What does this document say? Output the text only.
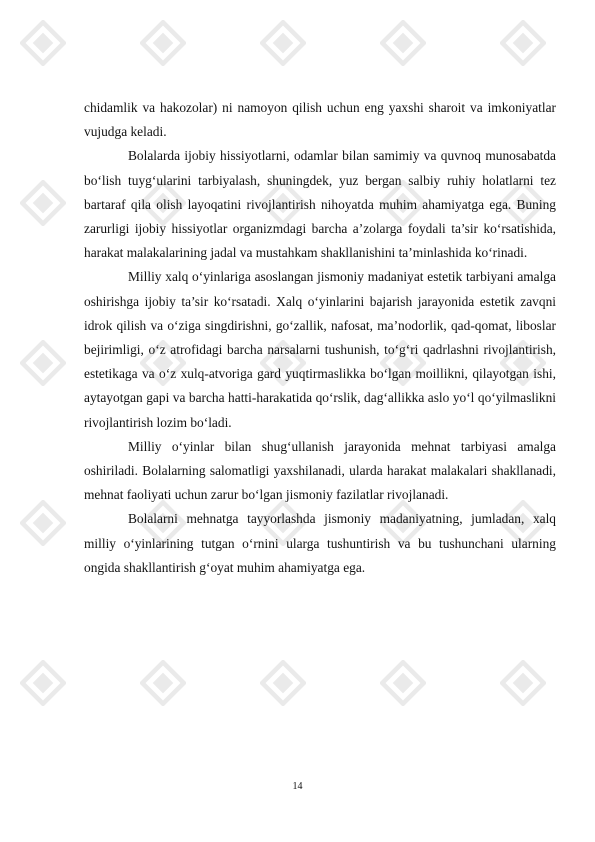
chidamlik va hakozolar) ni namoyon qilish uchun eng yaxshi sharoit va imkoniyatlar vujudga keladi.

Bolalarda ijobiy hissiyotlarni, odamlar bilan samimiy va quvnoq munosabatda bo‘lish tuyg‘ularini tarbiyalash, shuningdek, yuz bergan salbiy ruhiy holatlarni tez bartaraf qila olish layoqatini rivojlantirish nihoyatda muhim ahamiyatga ega. Buning zarurligi ijobiy hissiyotlar organizmdagi barcha a’zolarga foydali ta’sir ko‘rsatishida, harakat malakalarining jadal va mustahkam shakllanishini ta’minlashida ko‘rinadi.

Milliy xalq o‘yinlariga asoslangan jismoniy madaniyat estetik tarbiyani amalga oshirishga ijobiy ta’sir ko‘rsatadi. Xalq o‘yinlarini bajarish jarayonida estetik zavqni idrok qilish va o‘ziga singdirishni, go‘zallik, nafosat, ma’nodorlik, qad-qomat, liboslar bejirimligi, o‘z atrofidagi barcha narsalarni tushunish, to‘g‘ri qadrlashni rivojlantirish, estetikaga va o‘z xulq-atvoriga gard yuqtirmaslikka bo‘lgan moillikni, qilayotgan ishi, aytayotgan gapi va barcha hatti-harakatida qo‘rslik, dag‘allikka aslo yo‘l qo‘yilmaslikni rivojlantirish lozim bo‘ladi.

Milliy o‘yinlar bilan shug‘ullanish jarayonida mehnat tarbiyasi amalga oshiriladi. Bolalarning salomatligi yaxshilanadi, ularda harakat malakalari shakllanadi, mehnat faoliyati uchun zarur bo‘lgan jismoniy fazilatlar rivojlanadi.

Bolalarni mehnatga tayyorlashda jismoniy madaniyatning, jumladan, xalq milliy o‘yinlarining tutgan o‘rnini ularga tushuntirish va bu tushunchani ularning ongida shakllantirish g‘oyat muhim ahamiyatga ega.

14
